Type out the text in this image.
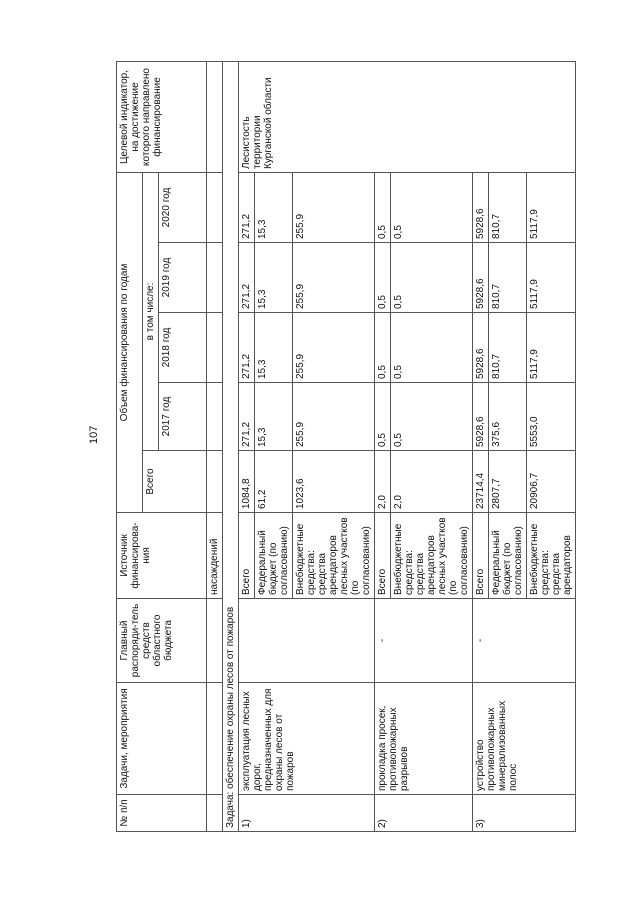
107
№ п/п	Задачи, мероприятия	Главный распоряди-тель средств областного бюджета	Источник финансирова-ния	Объем финансирования по годам					Целевой индикатор, на достижение которого направлено финансирование
				Всего	в том числе:				
					2017 год	2018 год	2019 год	2020 год	
			насаждений						
Задача: обеспечение охраны лесов от пожаров									
1)	эксплуатация лесных дорог, предназначенных для охраны лесов от пожаров		Всего	1084,8	271,2	271,2	271,2	271,2	Лесистость территории Курганской области
			Федеральный бюджет (по согласованию)	61,2	15,3	15,3	15,3	15,3	
			Внебюджетные средства: средства арендаторов лесных участков (по согласованию)	1023,6	255,9	255,9	255,9	255,9	
2)	прокладка просек, противопожарных разрывов	-	Всего	2,0	0,5	0,5	0,5	0,5	
			Внебюджетные средства: средства арендаторов лесных участков (по согласованию)	2,0	0,5	0,5	0,5	0,5	
3)	устройство противопожарных минерализованных полос	-	Всего	23714,4	5928,6	5928,6	5928,6	5928,6	
			Федеральный бюджет (по согласованию)	2807,7	375,6	810,7	810,7	810,7	
			Внебюджетные средства: средства арендаторов	20906,7	5553,0	5117,9	5117,9	5117,9	
